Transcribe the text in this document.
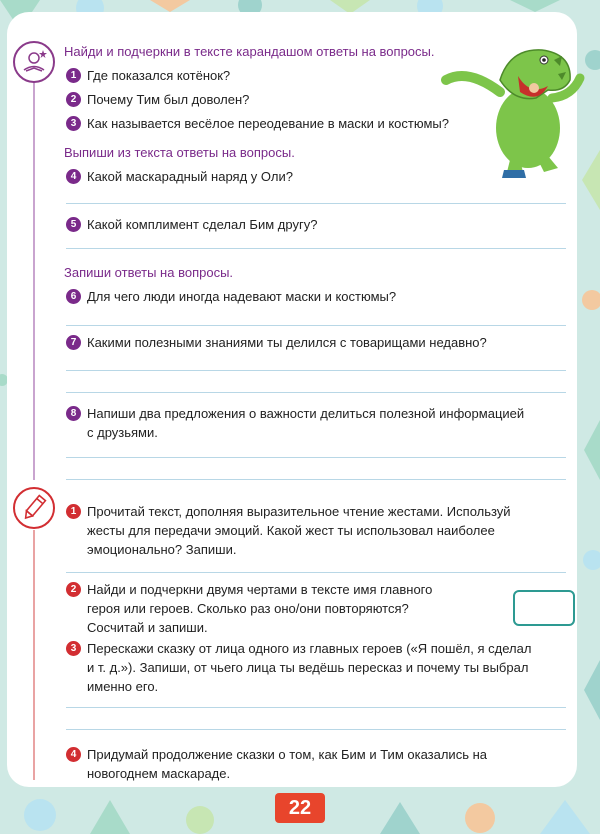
Найди и подчеркни в тексте карандашом ответы на вопросы.
1 Где показался котёнок?
2 Почему Тим был доволен?
3 Как называется весёлое переодевание в маски и костюмы?
Выпиши из текста ответы на вопросы.
4 Какой маскарадный наряд у Оли?
5 Какой комплимент сделал Бим другу?
Запиши ответы на вопросы.
6 Для чего люди иногда надевают маски и костюмы?
7 Какими полезными знаниями ты делился с товарищами недавно?
8 Напиши два предложения о важности делиться полезной информацией
с друзьями.
1 Прочитай текст, дополняя выразительное чтение жестами. Используй
жесты для передачи эмоций. Какой жест ты использовал наиболее
эмоционально? Запиши.
2 Найди и подчеркни двумя чертами в тексте имя главного
героя или героев. Сколько раз оно/они повторяются?
Сосчитай и запиши.
3 Перескажи сказку от лица одного из главных героев («Я пошёл, я сделал
и т. д.»). Запиши, от чьего лица ты ведёшь пересказ и почему ты выбрал
именно его.
4 Придумай продолжение сказки о том, как Бим и Тим оказались на
новогоднем маскараде.
22
